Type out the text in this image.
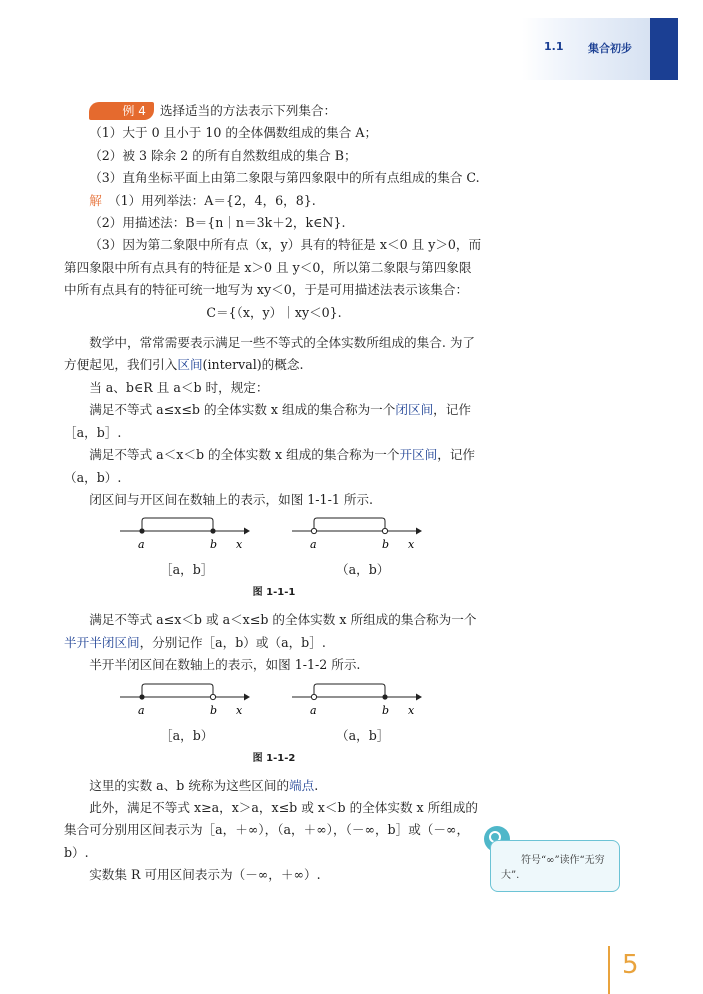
1.1 集合初步

例 4 选择适当的方法表示下列集合：

（1）大于 0 且小于 10 的全体偶数组成的集合 A；

（2）被 3 除余 2 的所有自然数组成的集合 B；

（3）直角坐标平面上由第二象限与第四象限中的所有点组成的集合 C.

解　 （1）用列举法：A＝{2，4，6，8}.

（2）用描述法：B＝{n｜n＝3k＋2，k∈N}.

（3）因为第二象限中所有点（x，y）具有的特征是 x＜0 且 y＞0，而第四象限中所有点具有的特征是 x＞0 且 y＜0，所以第二象限与第四象限中所有点具有的特征可统一地写为 xy＜0，于是可用描述法表示该集合：

C＝{（x，y）｜xy＜0}.

数学中，常常需要表示满足一些不等式的全体实数所组成的集合. 为了方便起见，我们引入区间(interval)的概念.

当 a、b∈R 且 a＜b 时，规定：

满足不等式 a≤x≤b 的全体实数 x 组成的集合称为一个闭区间，记作［a，b］.

满足不等式 a＜x＜b 的全体实数 x 组成的集合称为一个开区间，记作（a，b）.

闭区间与开区间在数轴上的表示，如图 1-1-1 所示.

a	b x
［a，b］
a	b x
（a，b）

图 1-1-1

满足不等式 a≤x＜b 或 a＜x≤b 的全体实数 x 所组成的集合称为一个半开半闭区间，分别记作［a，b）或（a，b］.

半开半闭区间在数轴上的表示，如图 1-1-2 所示.

a	b x
［a，b）
a	b x
（a，b］

图 1-1-2

这里的实数 a、b 统称为这些区间的端点.

此外，满足不等式 x≥a，x＞a，x≤b 或 x＜b 的全体实数 x 所组成的集合可分别用区间表示为［a，＋∞），（a，＋∞），（－∞，b］或（－∞，b）.

实数集 R 可用区间表示为（－∞，＋∞）.

符号“∞”读作“无穷大”.
5
